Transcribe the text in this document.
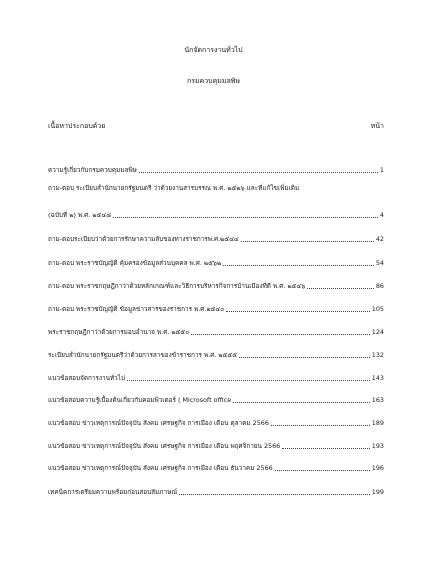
นักจัดการงานทั่วไป
กรมควบคุมมลพิษ
เนื้อหาประกอบด้วย	หน้า
ความรู้เกี่ยวกับกรมควบคุมมลพิษ	1
ถาม-ตอบ ระเบียบสำนักนายกรัฐมนตรี ว่าด้วยงานสารบรรณ พ.ศ. ๒๕๒๖ และที่แก้ไขเพิ่มเติม
(ฉบับที่ ๒) พ.ศ. ๒๕๔๘	4
ถาม-ตอบระเบียบว่าด้วยการรักษาความลับของทางราชการพ.ศ.๒๕๔๔	42
ถาม-ตอบ พระราชบัญญัติ คุ้มครองข้อมูลส่วนบุคคล พ.ศ. ๒๕๖๒	54
ถาม-ตอบ พระราชกฤษฎีกาว่าด้วยหลักเกณฑ์และวิธีการบริหารกิจการบ้านเมืองที่ดี พ.ศ. ๒๕๔๖	86
ถาม-ตอบ พระราชบัญญัติ ข้อมูลข่าวสารของราชการ พ.ศ.๒๕๔๐	105
พระราชกฤษฎีกาว่าด้วยการมอบอำนาจ พ.ศ. ๒๕๕๐	124
ระเบียบสำนักนายกรัฐมนตรีว่าด้วยการลาของข้าราชการ พ.ศ. ๒๕๕๕	132
แนวข้อสอบจัดการงานทั่วไป	143
แนวข้อสอบความรู้เบื้องต้นเกี่ยวกับคอมพิวเตอร์ ( Microsoft office	163
แนวข้อสอบ ข่าวเหตุการณ์ปัจจุบัน สังคม เศรษฐกิจ การเมือง เดือน ตุลาคม 2566	189
แนวข้อสอบ ข่าวเหตุการณ์ปัจจุบัน สังคม เศรษฐกิจ การเมือง เดือน พฤศจิกายน 2566	193
แนวข้อสอบ ข่าวเหตุการณ์ปัจจุบัน สังคม เศรษฐกิจ การเมือง เดือน ธันวาคม 2566	196
เทคนิคการเตรียมความพร้อมก่อนสอบสัมภาษณ์	199
